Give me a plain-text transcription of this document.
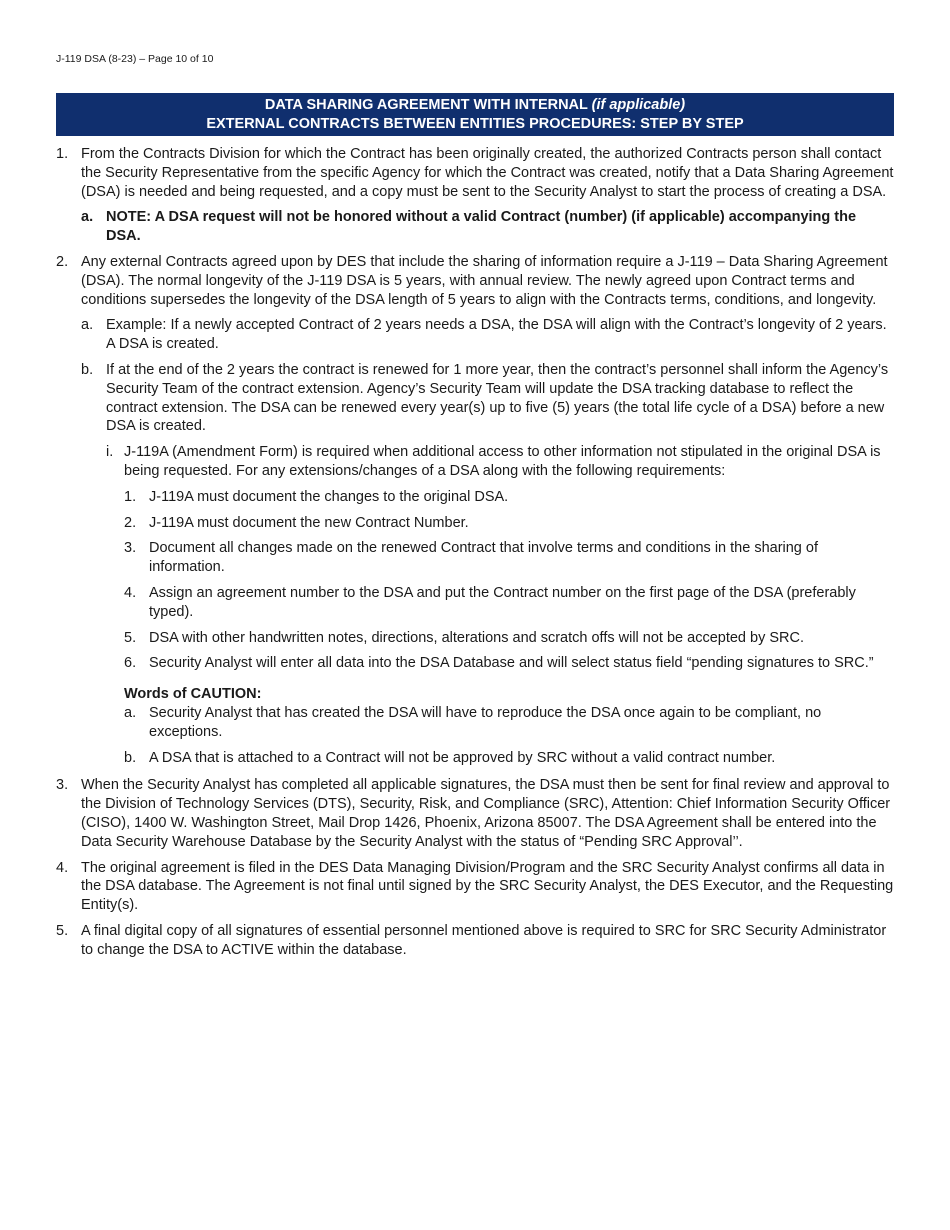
J-119 DSA (8-23) – Page 10 of 10
DATA SHARING AGREEMENT WITH INTERNAL (if applicable)
EXTERNAL CONTRACTS BETWEEN ENTITIES PROCEDURES: STEP BY STEP
1. From the Contracts Division for which the Contract has been originally created, the authorized Contracts person shall contact the Security Representative from the specific Agency for which the Contract was created, notify that a Data Sharing Agreement (DSA) is needed and being requested, and a copy must be sent to the Security Analyst to start the process of creating a DSA.
a. NOTE: A DSA request will not be honored without a valid Contract (number) (if applicable) accompanying the DSA.
2. Any external Contracts agreed upon by DES that include the sharing of information require a J-119 – Data Sharing Agreement (DSA). The normal longevity of the J-119 DSA is 5 years, with annual review. The newly agreed upon Contract terms and conditions supersedes the longevity of the DSA length of 5 years to align with the Contracts terms, conditions, and longevity.
a. Example: If a newly accepted Contract of 2 years needs a DSA, the DSA will align with the Contract’s longevity of 2 years. A DSA is created.
b. If at the end of the 2 years the contract is renewed for 1 more year, then the contract’s personnel shall inform the Agency’s Security Team of the contract extension. Agency’s Security Team will update the DSA tracking database to reflect the contract extension. The DSA can be renewed every year(s) up to five (5) years (the total life cycle of a DSA) before a new DSA is created.
i. J-119A (Amendment Form) is required when additional access to other information not stipulated in the original DSA is being requested. For any extensions/changes of a DSA along with the following requirements:
1. J-119A must document the changes to the original DSA.
2. J-119A must document the new Contract Number.
3. Document all changes made on the renewed Contract that involve terms and conditions in the sharing of information.
4. Assign an agreement number to the DSA and put the Contract number on the first page of the DSA (preferably typed).
5. DSA with other handwritten notes, directions, alterations and scratch offs will not be accepted by SRC.
6. Security Analyst will enter all data into the DSA Database and will select status field “pending signatures to SRC.”
Words of CAUTION:
a. Security Analyst that has created the DSA will have to reproduce the DSA once again to be compliant, no exceptions.
b. A DSA that is attached to a Contract will not be approved by SRC without a valid contract number.
3. When the Security Analyst has completed all applicable signatures, the DSA must then be sent for final review and approval to the Division of Technology Services (DTS), Security, Risk, and Compliance (SRC), Attention: Chief Information Security Officer (CISO), 1400 W. Washington Street, Mail Drop 1426, Phoenix, Arizona 85007. The DSA Agreement shall be entered into the Data Security Warehouse Database by the Security Analyst with the status of “Pending SRC Approval’’.
4. The original agreement is filed in the DES Data Managing Division/Program and the SRC Security Analyst confirms all data in the DSA database. The Agreement is not final until signed by the SRC Security Analyst, the DES Executor, and the Requesting Entity(s).
5. A final digital copy of all signatures of essential personnel mentioned above is required to SRC for SRC Security Administrator to change the DSA to ACTIVE within the database.
